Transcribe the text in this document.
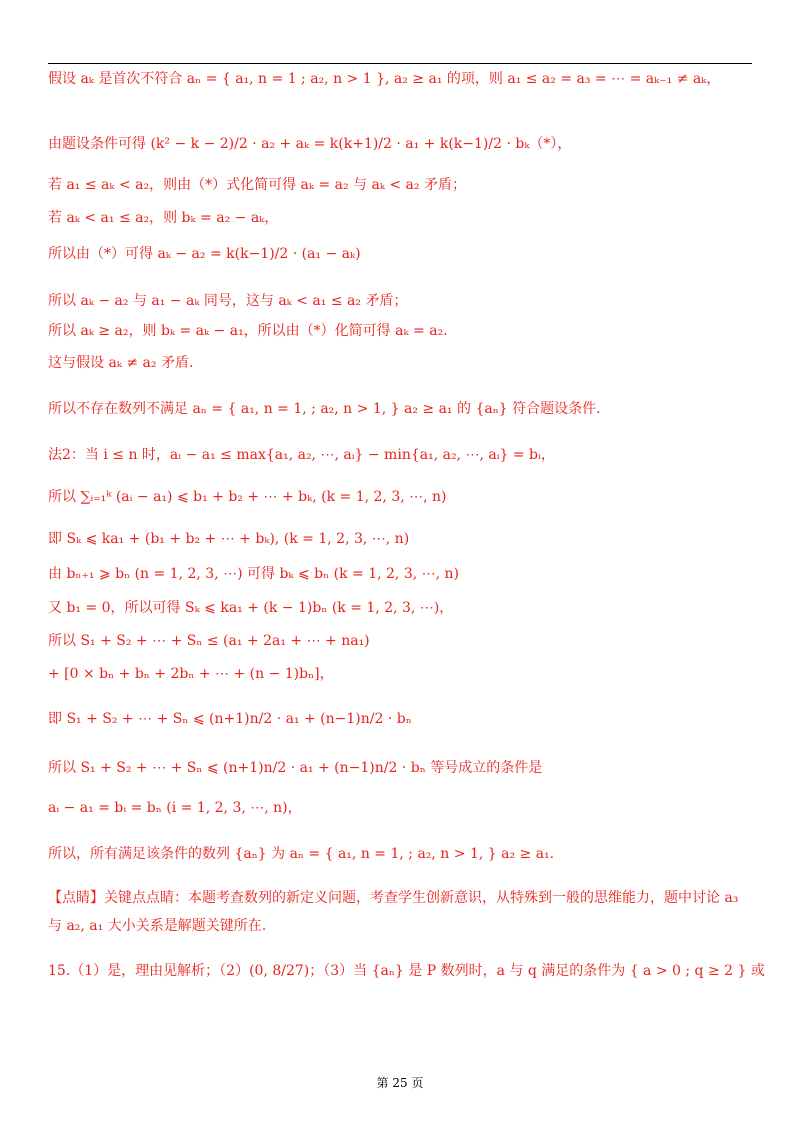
假设 aₖ 是首次不符合 aₙ = { a₁, n = 1 ; a₂, n > 1 }, a₂ ≥ a₁ 的项，则 a₁ ≤ a₂ = a₃ = ⋯ = aₖ₋₁ ≠ aₖ，
由题设条件可得 (k² − k − 2)/2 · a₂ + aₖ = k(k+1)/2 · a₁ + k(k−1)/2 · bₖ（*），
若 a₁ ≤ aₖ < a₂，则由（*）式化简可得 aₖ = a₂ 与 aₖ < a₂ 矛盾；
若 aₖ < a₁ ≤ a₂，则 bₖ = a₂ − aₖ，
所以由（*）可得 aₖ − a₂ = k(k−1)/2 · (a₁ − aₖ)
所以 aₖ − a₂ 与 a₁ − aₖ 同号，这与 aₖ < a₁ ≤ a₂ 矛盾；
所以 aₖ ≥ a₂，则 bₖ = aₖ − a₁，所以由（*）化简可得 aₖ = a₂.
这与假设 aₖ ≠ a₂ 矛盾.
所以不存在数列不满足 aₙ = { a₁, n = 1, ; a₂, n > 1, } a₂ ≥ a₁ 的 {aₙ} 符合题设条件.
法2：当 i ≤ n 时，aᵢ − a₁ ≤ max{a₁, a₂, ⋯, aᵢ} − min{a₁, a₂, ⋯, aᵢ} = bᵢ，
所以 ∑ᵢ₌₁ᵏ (aᵢ − a₁) ⩽ b₁ + b₂ + ⋯ + bₖ, (k = 1, 2, 3, ⋯, n)
即 Sₖ ⩽ ka₁ + (b₁ + b₂ + ⋯ + bₖ), (k = 1, 2, 3, ⋯, n)
由 bₙ₊₁ ⩾ bₙ (n = 1, 2, 3, ⋯) 可得 bₖ ⩽ bₙ (k = 1, 2, 3, ⋯, n)
又 b₁ = 0，所以可得 Sₖ ⩽ ka₁ + (k − 1)bₙ (k = 1, 2, 3, ⋯)，
所以 S₁ + S₂ + ⋯ + Sₙ ≤ (a₁ + 2a₁ + ⋯ + na₁)
+ [0 × bₙ + bₙ + 2bₙ + ⋯ + (n − 1)bₙ]，
即 S₁ + S₂ + ⋯ + Sₙ ⩽ (n+1)n/2 · a₁ + (n−1)n/2 · bₙ
所以 S₁ + S₂ + ⋯ + Sₙ ⩽ (n+1)n/2 · a₁ + (n−1)n/2 · bₙ 等号成立的条件是
aᵢ − a₁ = bᵢ = bₙ (i = 1, 2, 3, ⋯, n)，
所以，所有满足该条件的数列 {aₙ} 为 aₙ = { a₁, n = 1, ; a₂, n > 1, } a₂ ≥ a₁.
【点睛】关键点点睛：本题考查数列的新定义问题，考查学生创新意识，从特殊到一般的思维能力，题中讨论 a₃
与 a₂, a₁ 大小关系是解题关键所在.
15.（1）是，理由见解析；（2）(0, 8/27)；（3）当 {aₙ} 是 P 数列时，a 与 q 满足的条件为 { a > 0 ; q ≥ 2 } 或
第 25 页
